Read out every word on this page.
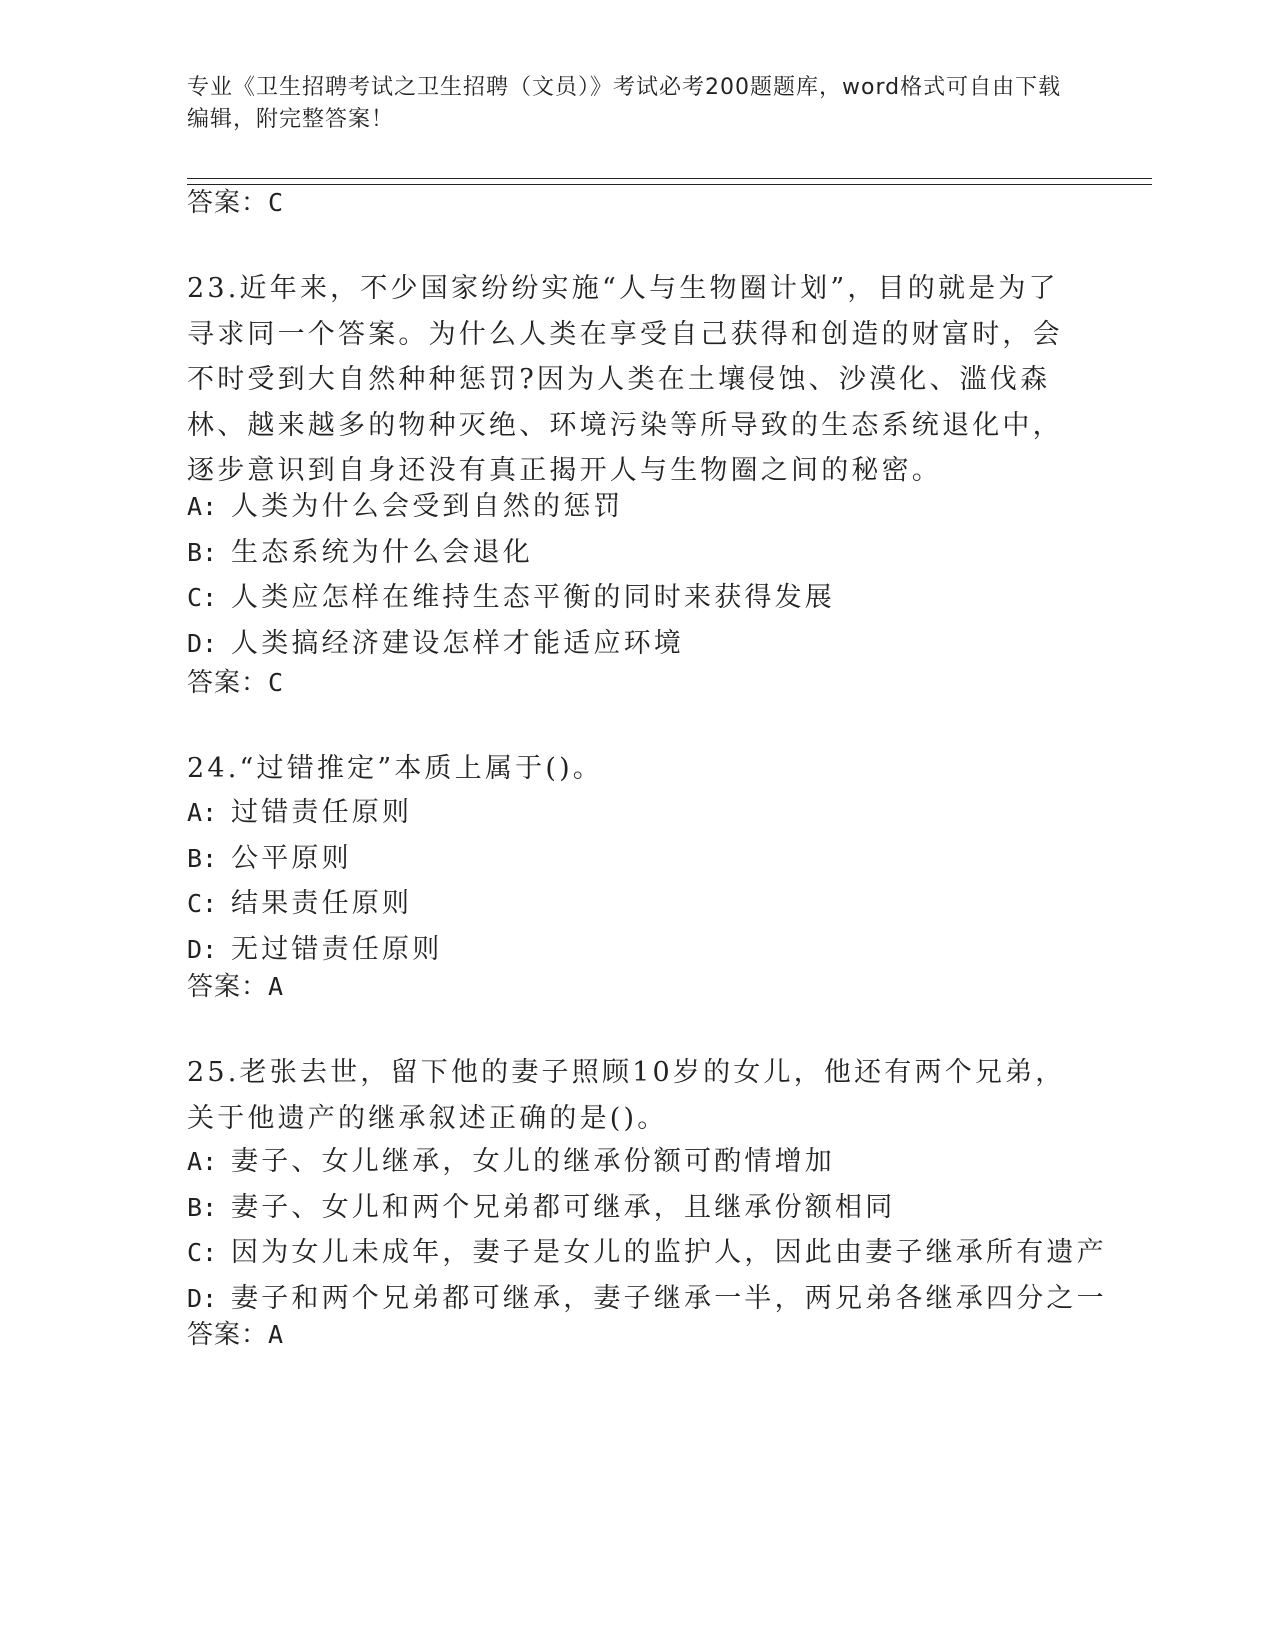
专业《卫生招聘考试之卫生招聘（文员）》考试必考200题题库，word格式可自由下载编辑，附完整答案！
答案：C
23.近年来，不少国家纷纷实施“人与生物圈计划”，目的就是为了寻求同一个答案。为什么人类在享受自己获得和创造的财富时，会不时受到大自然种种惩罚?因为人类在土壤侵蚀、沙漠化、滥伐森林、越来越多的物种灭绝、环境污染等所导致的生态系统退化中，逐步意识到自身还没有真正揭开人与生物圈之间的秘密。
A: 人类为什么会受到自然的惩罚
B: 生态系统为什么会退化
C: 人类应怎样在维持生态平衡的同时来获得发展
D: 人类搞经济建设怎样才能适应环境
答案：C
24.“过错推定”本质上属于()。
A: 过错责任原则
B: 公平原则
C: 结果责任原则
D: 无过错责任原则
答案：A
25.老张去世，留下他的妻子照顾10岁的女儿，他还有两个兄弟，关于他遗产的继承叙述正确的是()。
A: 妻子、女儿继承，女儿的继承份额可酌情增加
B: 妻子、女儿和两个兄弟都可继承，且继承份额相同
C: 因为女儿未成年，妻子是女儿的监护人，因此由妻子继承所有遗产
D: 妻子和两个兄弟都可继承，妻子继承一半，两兄弟各继承四分之一
答案：A
